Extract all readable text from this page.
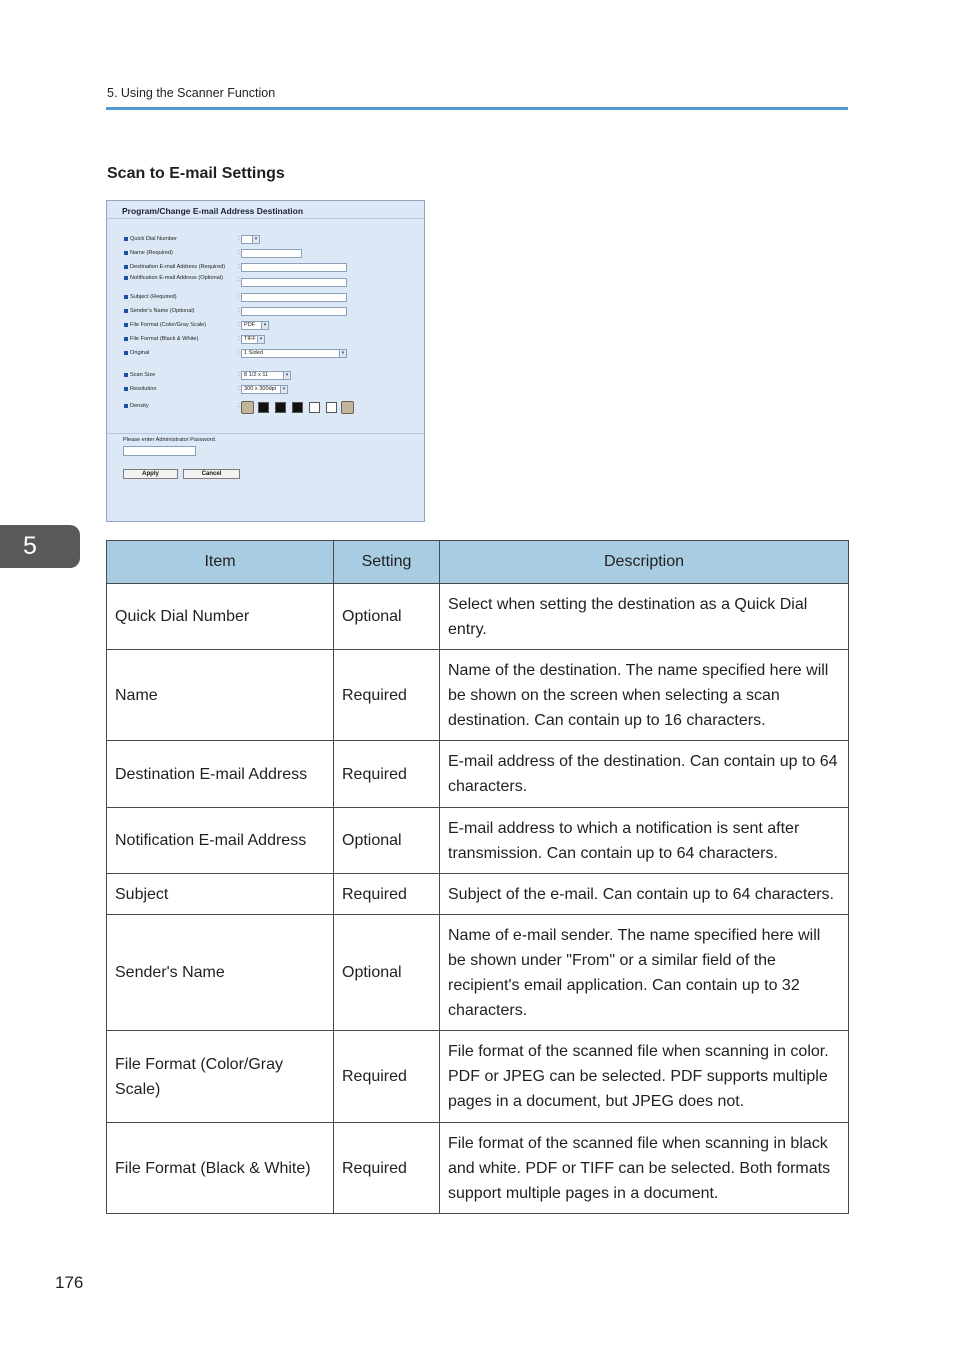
5. Using the Scanner Function
Scan to E-mail Settings
Program/Change E-mail Address Destination
Quick Dial Number	:	▾
Name (Required)	:
Destination E-mail Address (Required) :
Notification E-mail Address (Optional)	:
Subject (Required)	:
Sender's Name (Optional)	:
File Format (Color/Gray Scale)	: PDF	▾
File Format (Black & White)	: TIFF ▾
Original	: 1 Sided	▾
Scan Size	: 8 1/2 x 11	▾
Resolution	: 300 x 300dpi	▾
Density	:
Please enter Administrator Password.
Apply	Cancel
5
Item	Setting	Description
Quick Dial Number	Optional	Select when setting the destination as a Quick Dial entry.
Name	Required	Name of the destination. The name specified here will be shown on the screen when selecting a scan destination. Can contain up to 16 characters.
Destination E-mail Address	Required	E-mail address of the destination. Can contain up to 64 characters.
Notification E-mail Address	Optional	E-mail address to which a notification is sent after transmission. Can contain up to 64 characters.
Subject	Required	Subject of the e-mail. Can contain up to 64 characters.
Sender's Name	Optional	Name of e-mail sender. The name specified here will be shown under "From" or a similar field of the recipient's email application. Can contain up to 32 characters.
File Format (Color/Gray Scale)	Required	File format of the scanned file when scanning in color. PDF or JPEG can be selected. PDF supports multiple pages in a document, but JPEG does not.
File Format (Black & White)	Required	File format of the scanned file when scanning in black and white. PDF or TIFF can be selected. Both formats support multiple pages in a document.
176
